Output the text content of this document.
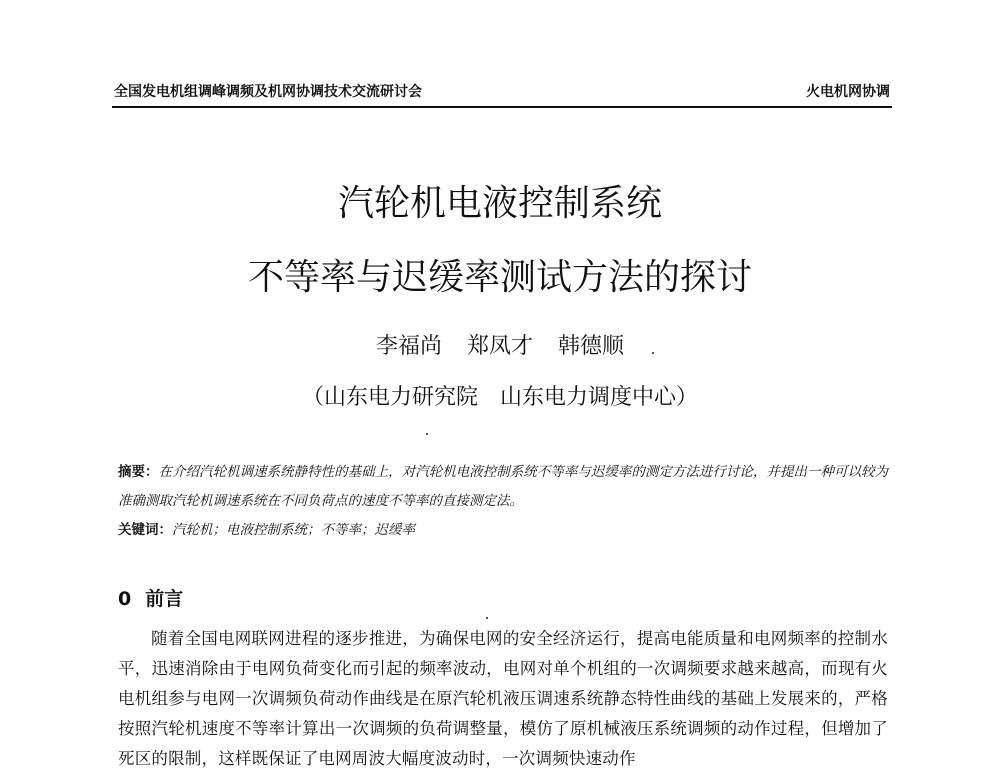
全国发电机组调峰调频及机网协调技术交流研讨会	火电机网协调
汽轮机电液控制系统
不等率与迟缓率测试方法的探讨
李福尚 郑凤才 韩德顺
（山东电力研究院　山东电力调度中心）
摘要：在介绍汽轮机调速系统静特性的基础上，对汽轮机电液控制系统不等率与迟缓率的测定方法进行讨论，并提出一种可以较为准确测取汽轮机调速系统在不同负荷点的速度不等率的直接测定法。
关键词：汽轮机；电液控制系统；不等率；迟缓率
0 前言
随着全国电网联网进程的逐步推进，为确保电网的安全经济运行，提高电能质量和电网频率的控制水平，迅速消除由于电网负荷变化而引起的频率波动，电网对单个机组的一次调频要求越来越高，而现有火电机组参与电网一次调频负荷动作曲线是在原汽轮机液压调速系统静态特性曲线的基础上发展来的，严格按照汽轮机速度不等率计算出一次调频的负荷调整量，模仿了原机械液压系统调频的动作过程，但增加了死区的限制，这样既保证了电网周波大幅度波动时，一次调频快速动作
